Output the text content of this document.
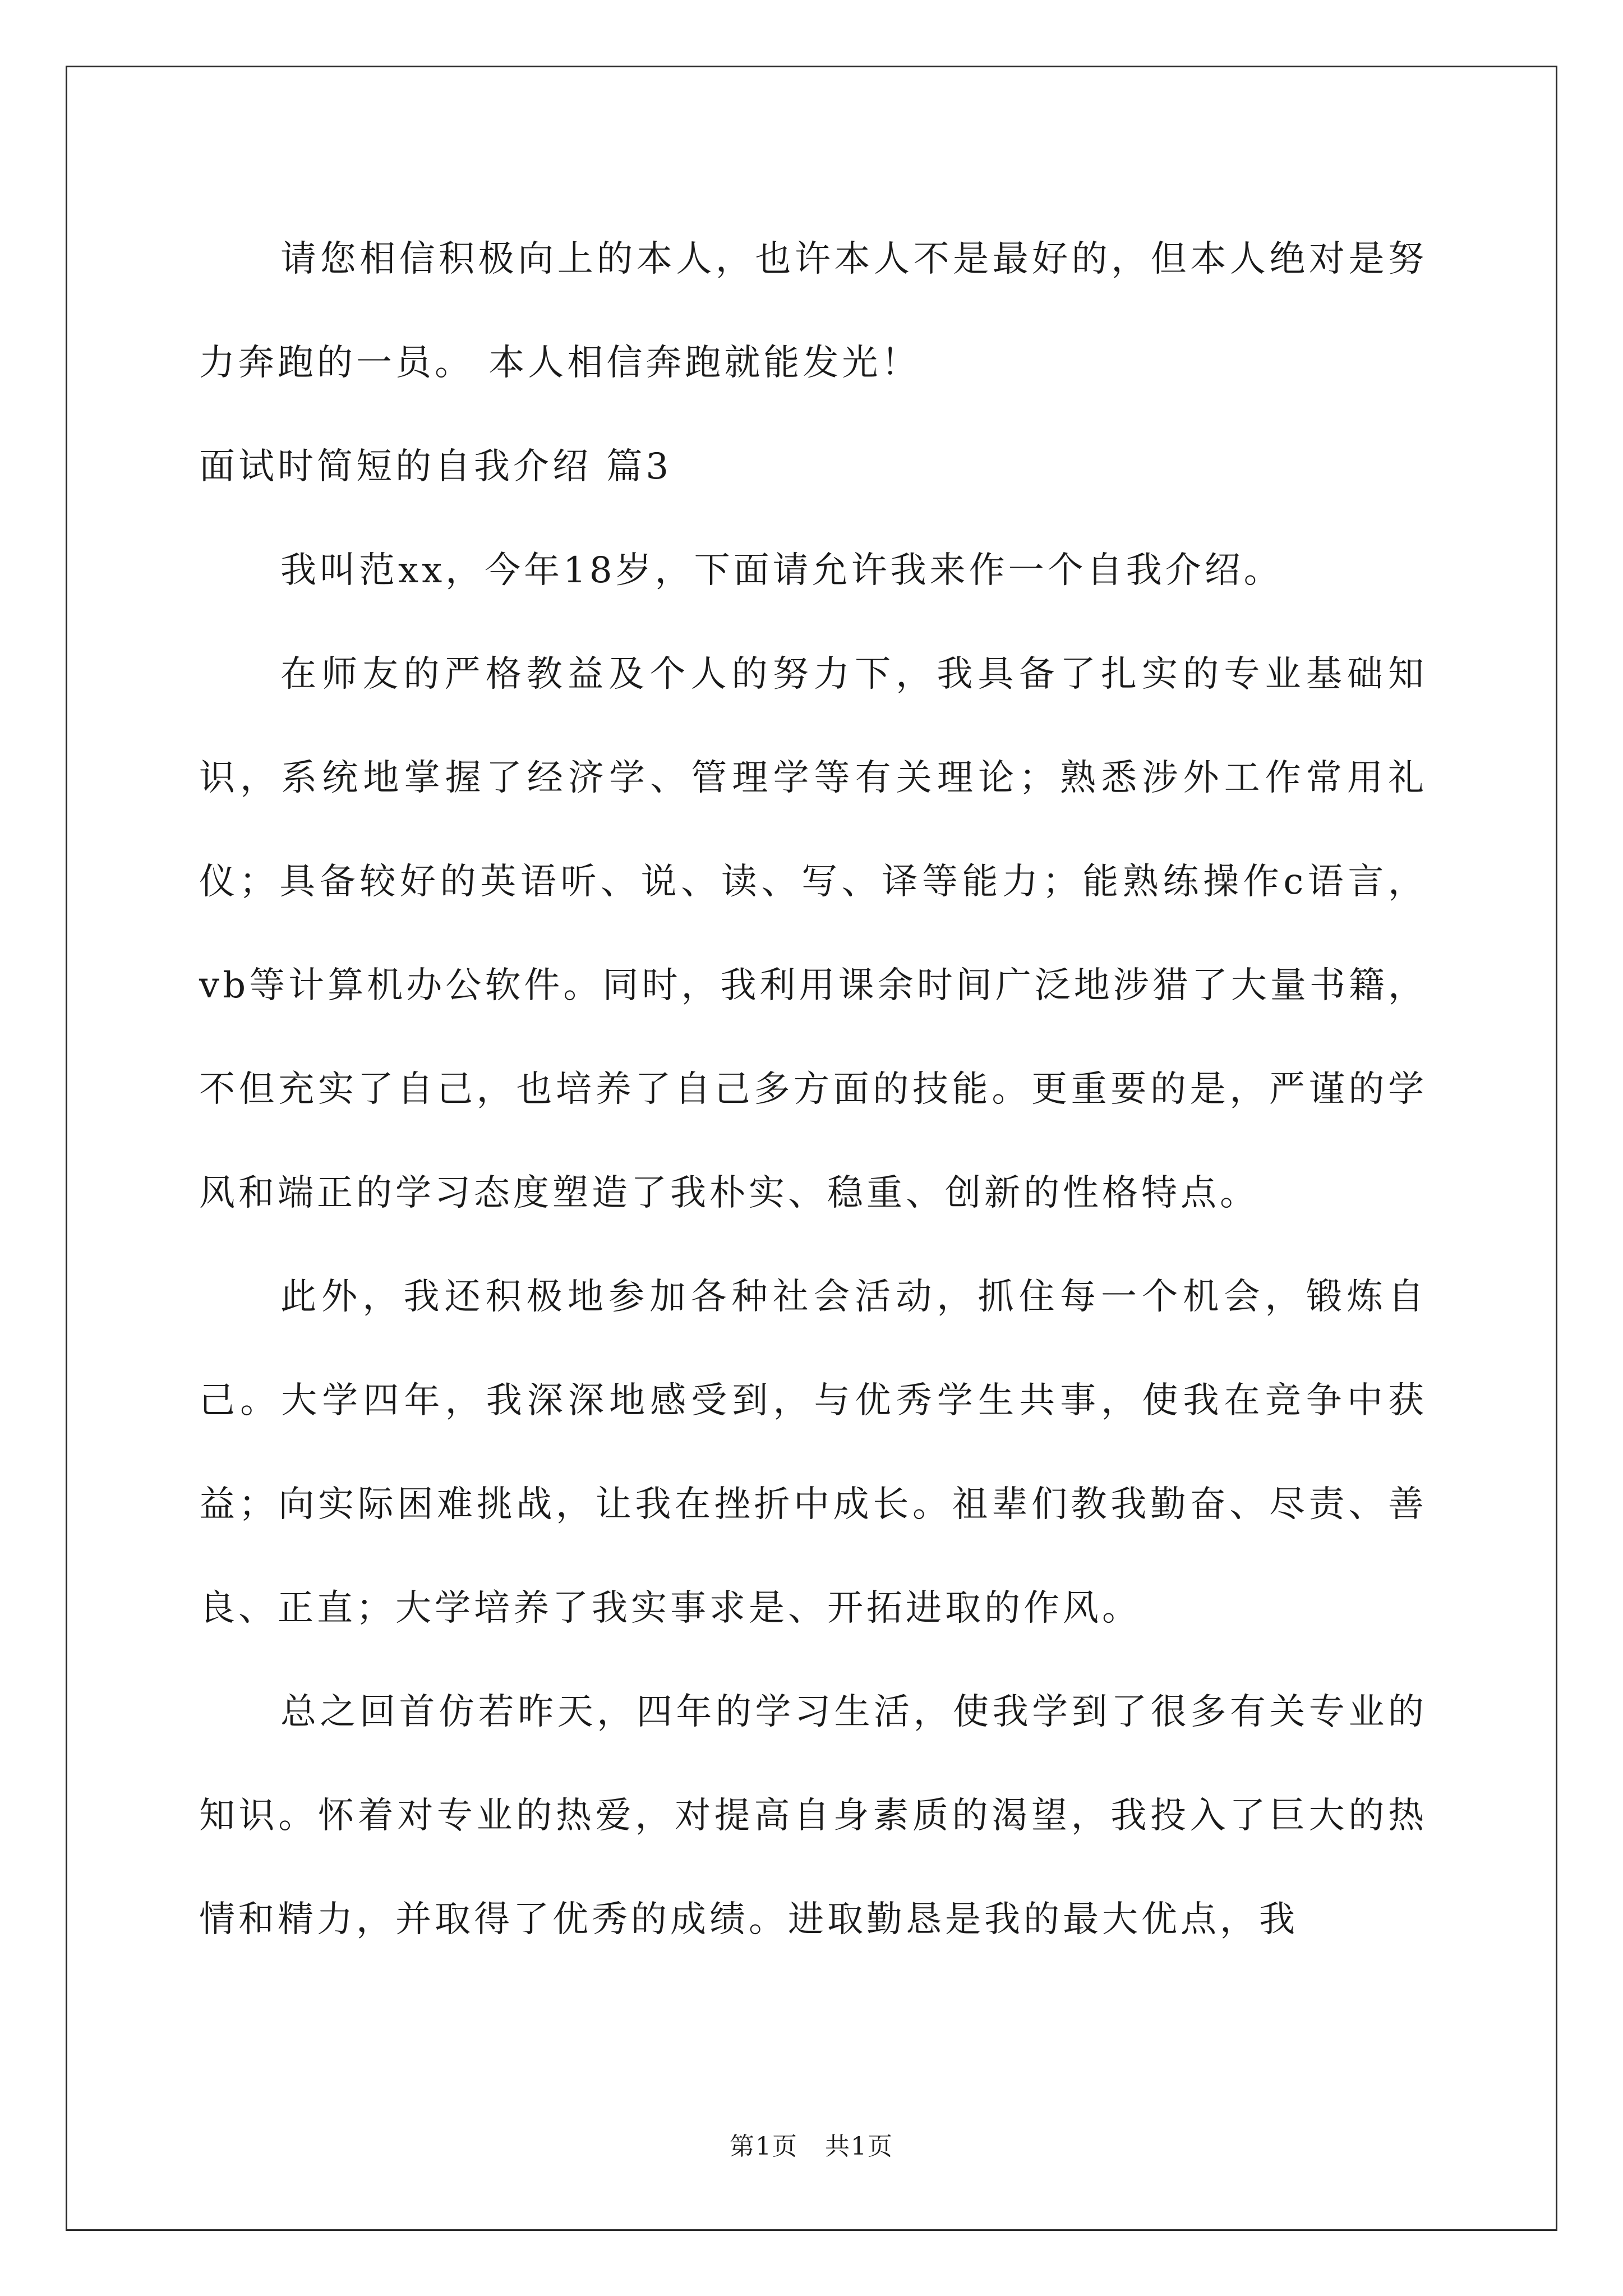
请您相信积极向上的本人，也许本人不是最好的，但本人绝对是努力奔跑的一员。 本人相信奔跑就能发光！

面试时简短的自我介绍 篇3

我叫范xx，今年18岁，下面请允许我来作一个自我介绍。

在师友的严格教益及个人的努力下，我具备了扎实的专业基础知识，系统地掌握了经济学、管理学等有关理论；熟悉涉外工作常用礼仪；具备较好的英语听、说、读、写、译等能力；能熟练操作c语言，vb等计算机办公软件。同时，我利用课余时间广泛地涉猎了大量书籍，不但充实了自己，也培养了自己多方面的技能。更重要的是，严谨的学风和端正的学习态度塑造了我朴实、稳重、创新的性格特点。

此外，我还积极地参加各种社会活动，抓住每一个机会，锻炼自己。大学四年，我深深地感受到，与优秀学生共事，使我在竞争中获益；向实际困难挑战，让我在挫折中成长。祖辈们教我勤奋、尽责、善良、正直；大学培养了我实事求是、开拓进取的作风。

总之回首仿若昨天，四年的学习生活，使我学到了很多有关专业的知识。怀着对专业的热爱，对提高自身素质的渴望，我投入了巨大的热情和精力，并取得了优秀的成绩。进取勤恳是我的最大优点，我

第1页 共1页
